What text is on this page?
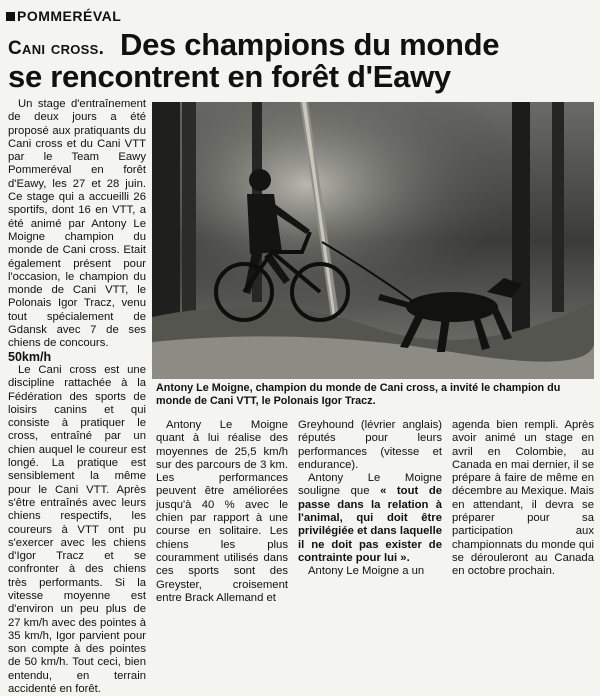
POMMERÉVAL
Des champions du monde
se rencontrent en forêt d'Eawy
Cani cross.

Un stage d'entraînement de deux jours a été proposé aux pratiquants du Cani cross et du Cani VTT par le Team Eawy Pommeréval en forêt d'Eawy, les 27 et 28 juin. Ce stage qui a accueilli 26 sportifs, dont 16 en VTT, a été animé par Antony Le Moigne champion du monde de Cani cross. Etait également présent pour l'occasion, le champion du monde de Cani VTT, le Polonais Igor Tracz, venu tout spécialement de Gdansk avec 7 de ses chiens de concours.

50km/h

Le Cani cross est une discipline rattachée à la Fédération des sports de loisirs canins et qui consiste à pratiquer le cross, entraîné par un chien auquel le coureur est longé. La pratique est sensiblement la même pour le Cani VTT. Après s'être entraînés avec leurs chiens respectifs, les coureurs à VTT ont pu s'exercer avec les chiens d'Igor Tracz et se confronter à des chiens très performants. Si la vitesse moyenne est d'environ un peu plus de 27 km/h avec des pointes à 35 km/h, Igor parvient pour son compte à des pointes de 50 km/h. Tout ceci, bien entendu, en terrain accidenté en forêt.

Antony Le Moigne, champion du monde de Cani cross, a invité le champion du monde de Cani VTT, le Polonais Igor Tracz.

Antony Le Moigne quant à lui réalise des moyennes de 25,5 km/h sur des parcours de 3 km. Les performances peuvent être améliorées jusqu'à 40 % avec le chien par rapport à une course en solitaire. Les chiens les plus couramment utilisés dans ces sports sont des Greyster, croisement entre Brack Allemand et

Greyhound (lévrier anglais) réputés pour leurs performances (vitesse et endurance).

Antony Le Moigne souligne que « tout de passe dans la relation à l'animal, qui doit être privilégiée et dans laquelle il ne doit pas exister de contrainte pour lui ».

Antony Le Moigne a un

agenda bien rempli. Après avoir animé un stage en avril en Colombie, au Canada en mai dernier, il se prépare à faire de même en décembre au Mexique. Mais en attendant, il devra se préparer pour sa participation aux championnats du monde qui se dérouleront au Canada en octobre prochain.
